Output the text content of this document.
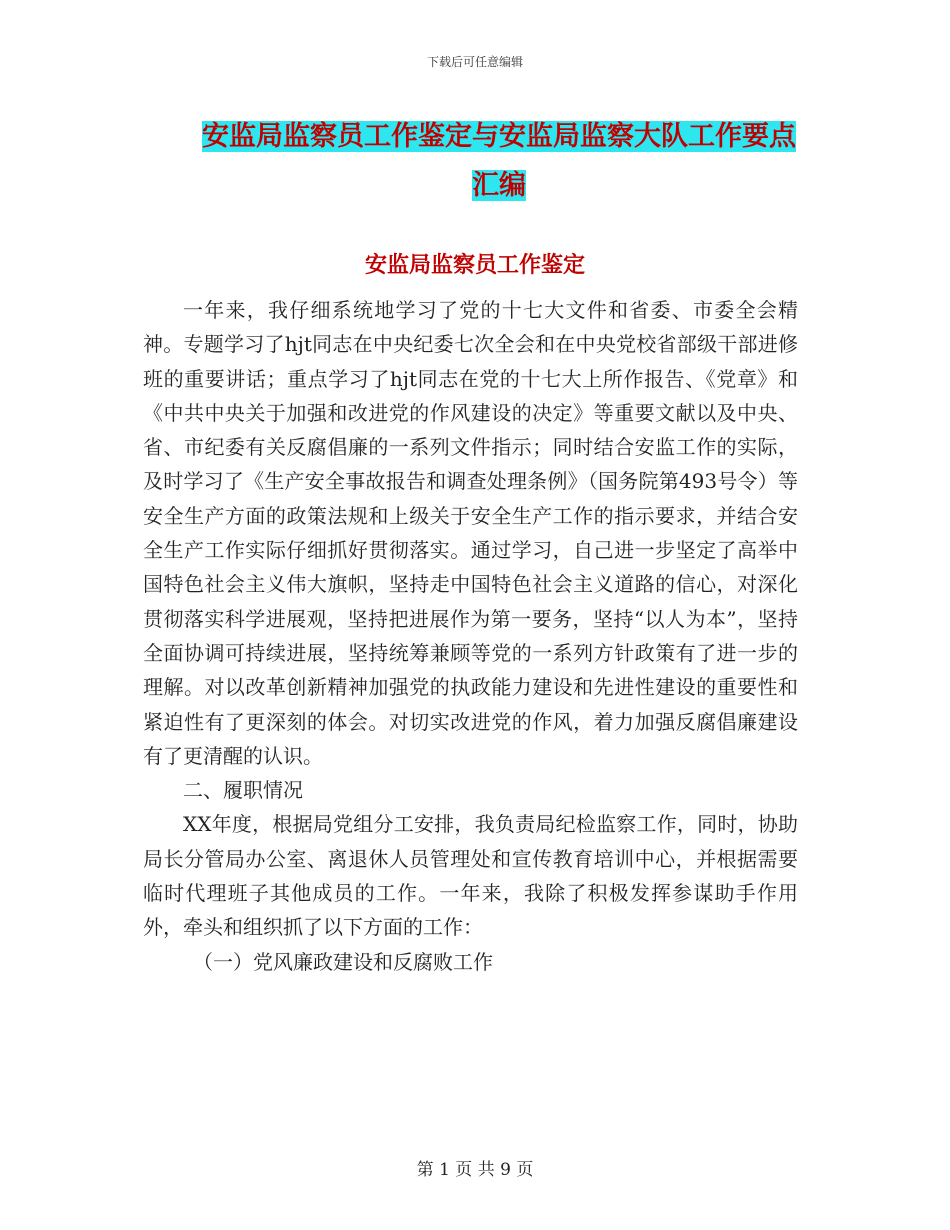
下载后可任意编辑
安监局监察员工作鉴定与安监局监察大队工作要点汇编
安监局监察员工作鉴定

一年来，我仔细系统地学习了党的十七大文件和省委、市委全会精神。专题学习了hjt同志在中央纪委七次全会和在中央党校省部级干部进修班的重要讲话；重点学习了hjt同志在党的十七大上所作报告、《党章》和《中共中央关于加强和改进党的作风建设的决定》等重要文献以及中央、省、市纪委有关反腐倡廉的一系列文件指示；同时结合安监工作的实际，及时学习了《生产安全事故报告和调查处理条例》（国务院第493号令）等安全生产方面的政策法规和上级关于安全生产工作的指示要求，并结合安全生产工作实际仔细抓好贯彻落实。通过学习，自己进一步坚定了高举中国特色社会主义伟大旗帜，坚持走中国特色社会主义道路的信心，对深化贯彻落实科学进展观，坚持把进展作为第一要务，坚持“以人为本”，坚持全面协调可持续进展，坚持统筹兼顾等党的一系列方针政策有了进一步的理解。对以改革创新精神加强党的执政能力建设和先进性建设的重要性和紧迫性有了更深刻的体会。对切实改进党的作风，着力加强反腐倡廉建设有了更清醒的认识。

二、履职情况

XX年度，根据局党组分工安排，我负责局纪检监察工作，同时，协助局长分管局办公室、离退休人员管理处和宣传教育培训中心，并根据需要临时代理班子其他成员的工作。一年来，我除了积极发挥参谋助手作用外，牵头和组织抓了以下方面的工作：

（一）党风廉政建设和反腐败工作

第 1 页 共 9 页
